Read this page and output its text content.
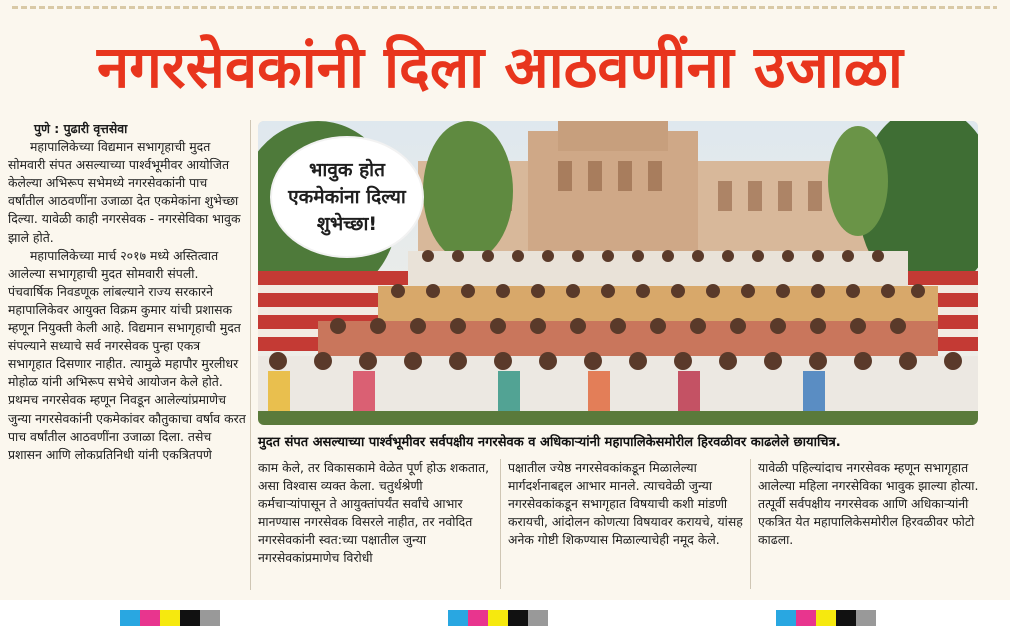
नगरसेवकांनी दिला आठवणींना उजाळा

पुणे : पुढारी वृत्तसेवा

महापालिकेच्या विद्यमान सभागृहाची मुदत सोमवारी संपत असल्याच्या पार्श्वभूमीवर आयोजित केलेल्या अभिरूप सभेमध्ये नगरसेवकांनी पाच वर्षांतील आठवणींना उजाळा देत एकमेकांना शुभेच्छा दिल्या. यावेळी काही नगरसेवक - नगरसेविका भावुक झाले होते.

महापालिकेच्या मार्च २०१७ मध्ये अस्तित्वात आलेल्या सभागृहाची मुदत सोमवारी संपली. पंचवार्षिक निवडणूक लांबल्याने राज्य सरकारने महापालिकेवर आयुक्त विक्रम कुमार यांची प्रशासक म्हणून नियुक्ती केली आहे. विद्यमान सभागृहाची मुदत संपल्याने सध्याचे सर्व नगरसेवक पुन्हा एकत्र सभागृहात दिसणार नाहीत. त्यामुळे महापौर मुरलीधर मोहोळ यांनी अभिरूप सभेचे आयोजन केले होते. प्रथमच नगरसेवक म्हणून निवडून आलेल्यांप्रमाणेच जुन्या नगरसेवकांनी एकमेकांवर कौतुकाचा वर्षाव करत पाच वर्षांतील आठवणींना उजाळा दिला. तसेच प्रशासन आणि लोकप्रतिनिधी यांनी एकत्रितपणे

भावुक होत एकमेकांना दिल्या शुभेच्छा!
मुदत संपत असल्याच्या पार्श्वभूमीवर सर्वपक्षीय नगरसेवक व अधिकाऱ्यांनी महापालिकेसमोरील हिरवळीवर काढलेले छायाचित्र.
काम केले, तर विकासकामे वेळेत पूर्ण होऊ शकतात, असा विश्वास व्यक्त केला. चतुर्थश्रेणी कर्मचाऱ्यांपासून ते आयुक्तांपर्यंत सर्वांचे आभार मानण्यास नगरसेवक विसरले नाहीत, तर नवोदित नगरसेवकांनी स्वत:च्या पक्षातील जुन्या नगरसेवकांप्रमाणेच विरोधी
पक्षातील ज्येष्ठ नगरसेवकांकडून मिळालेल्या मार्गदर्शनाबद्दल आभार मानले. त्याचवेळी जुन्या नगरसेवकांकडून सभागृहात विषयाची कशी मांडणी करायची, आंदोलन कोणत्या विषयावर करायचे, यांसह अनेक गोष्टी शिकण्यास मिळाल्याचेही नमूद केले.
यावेळी पहिल्यांदाच नगरसेवक म्हणून सभागृहात आलेल्या महिला नगरसेविका भावुक झाल्या होत्या. तत्पूर्वी सर्वपक्षीय नगरसेवक आणि अधिकाऱ्यांनी एकत्रित येत महापालिकेसमोरील हिरवळीवर फोटो काढला.
